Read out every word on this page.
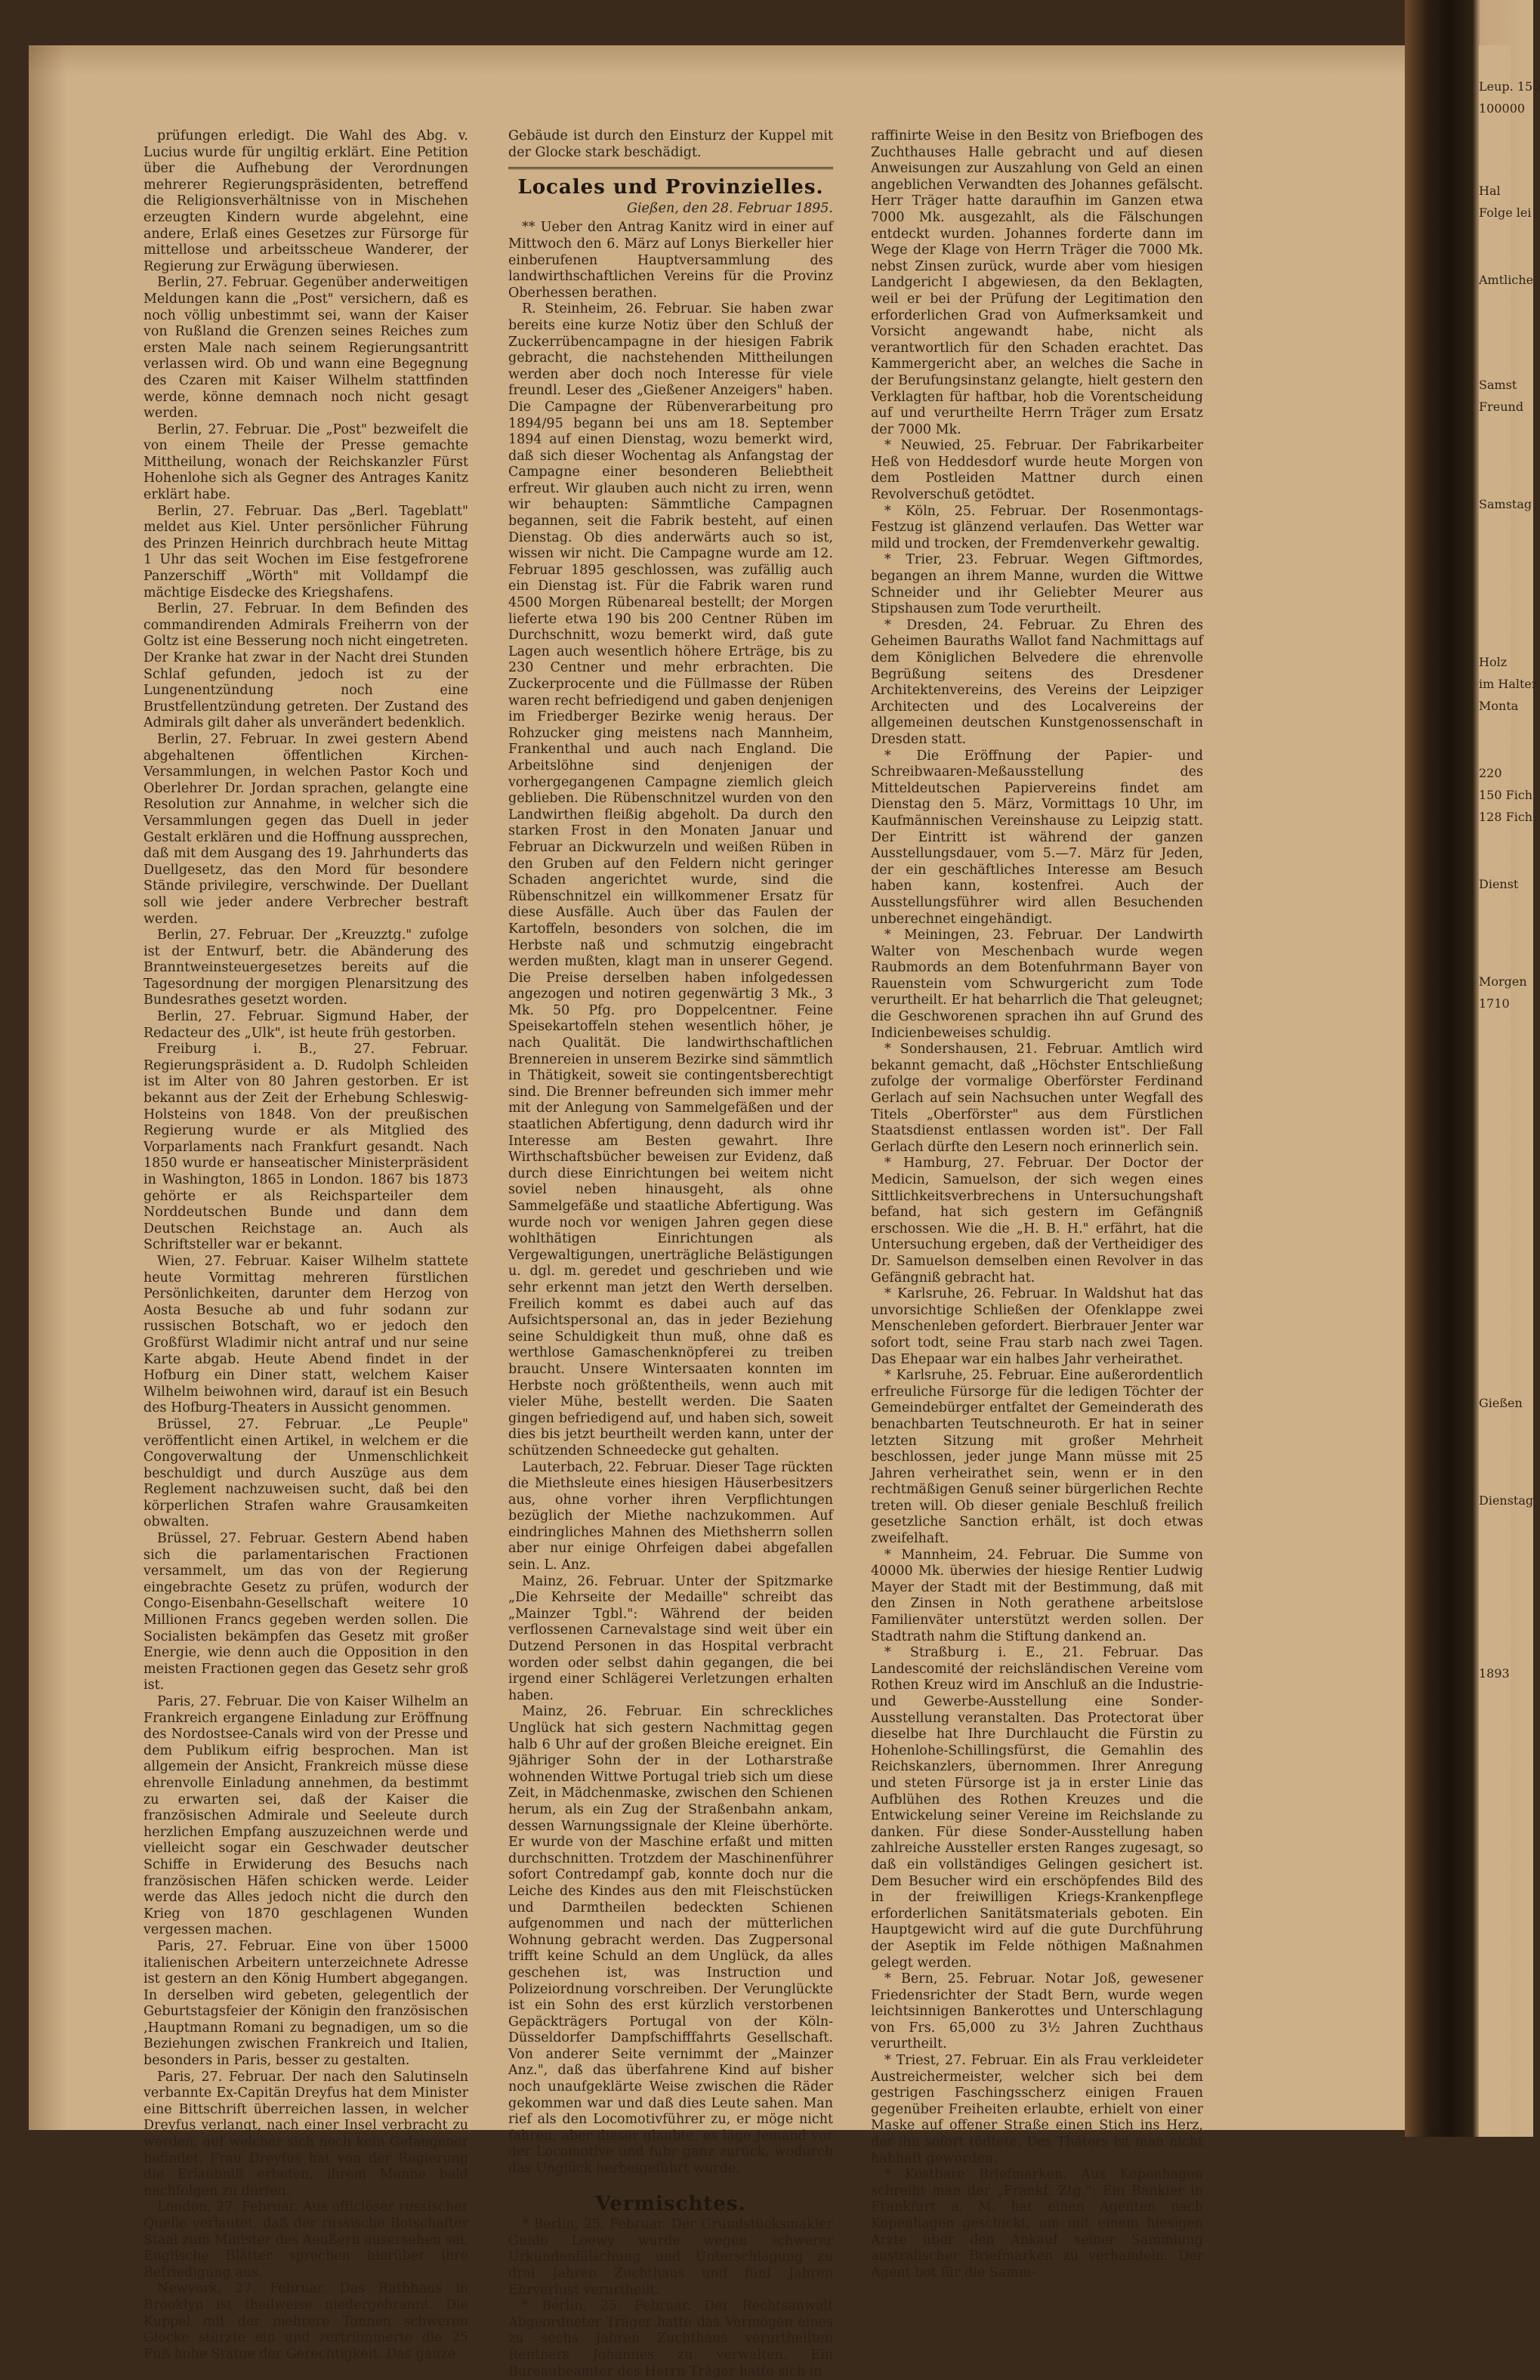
prüfungen erledigt. Die Wahl des Abg. v. Lucius wurde für ungiltig erklärt. Eine Petition über die Aufhebung der Verordnungen mehrerer Regierungspräsidenten, betreffend die Religionsverhältnisse von in Mischehen erzeugten Kindern wurde abgelehnt, eine andere, Erlaß eines Gesetzes zur Fürsorge für mittellose und arbeitsscheue Wanderer, der Regierung zur Erwägung überwiesen.

Berlin, 27. Februar. Gegenüber anderweitigen Meldungen kann die „Post" versichern, daß es noch völlig unbestimmt sei, wann der Kaiser von Rußland die Grenzen seines Reiches zum ersten Male nach seinem Regierungsantritt verlassen wird. Ob und wann eine Begegnung des Czaren mit Kaiser Wilhelm stattfinden werde, könne demnach noch nicht gesagt werden.

Berlin, 27. Februar. Die „Post" bezweifelt die von einem Theile der Presse gemachte Mittheilung, wonach der Reichskanzler Fürst Hohenlohe sich als Gegner des Antrages Kanitz erklärt habe.

Berlin, 27. Februar. Das „Berl. Tageblatt" meldet aus Kiel. Unter persönlicher Führung des Prinzen Heinrich durchbrach heute Mittag 1 Uhr das seit Wochen im Eise festgefrorene Panzerschiff „Wörth" mit Volldampf die mächtige Eisdecke des Kriegshafens.

Berlin, 27. Februar. In dem Befinden des commandirenden Admirals Freiherrn von der Goltz ist eine Besserung noch nicht eingetreten. Der Kranke hat zwar in der Nacht drei Stunden Schlaf gefunden, jedoch ist zu der Lungenentzündung noch eine Brustfellentzündung getreten. Der Zustand des Admirals gilt daher als unverändert bedenklich.

Berlin, 27. Februar. In zwei gestern Abend abgehaltenen öffentlichen Kirchen-Versammlungen, in welchen Pastor Koch und Oberlehrer Dr. Jordan sprachen, gelangte eine Resolution zur Annahme, in welcher sich die Versammlungen gegen das Duell in jeder Gestalt erklären und die Hoffnung aussprechen, daß mit dem Ausgang des 19. Jahrhunderts das Duellgesetz, das den Mord für besondere Stände privilegire, verschwinde. Der Duellant soll wie jeder andere Verbrecher bestraft werden.

Berlin, 27. Februar. Der „Kreuzztg." zufolge ist der Entwurf, betr. die Abänderung des Branntweinsteuergesetzes bereits auf die Tagesordnung der morgigen Plenarsitzung des Bundesrathes gesetzt worden.

Berlin, 27. Februar. Sigmund Haber, der Redacteur des „Ulk", ist heute früh gestorben.

Freiburg i. B., 27. Februar. Regierungspräsident a. D. Rudolph Schleiden ist im Alter von 80 Jahren gestorben. Er ist bekannt aus der Zeit der Erhebung Schleswig-Holsteins von 1848. Von der preußischen Regierung wurde er als Mitglied des Vorparlaments nach Frankfurt gesandt. Nach 1850 wurde er hanseatischer Ministerpräsident in Washington, 1865 in London. 1867 bis 1873 gehörte er als Reichsparteiler dem Norddeutschen Bunde und dann dem Deutschen Reichstage an. Auch als Schriftsteller war er bekannt.

Wien, 27. Februar. Kaiser Wilhelm stattete heute Vormittag mehreren fürstlichen Persönlichkeiten, darunter dem Herzog von Aosta Besuche ab und fuhr sodann zur russischen Botschaft, wo er jedoch den Großfürst Wladimir nicht antraf und nur seine Karte abgab. Heute Abend findet in der Hofburg ein Diner statt, welchem Kaiser Wilhelm beiwohnen wird, darauf ist ein Besuch des Hofburg-Theaters in Aussicht genommen.

Brüssel, 27. Februar. „Le Peuple" veröffentlicht einen Artikel, in welchem er die Congoverwaltung der Unmenschlichkeit beschuldigt und durch Auszüge aus dem Reglement nachzuweisen sucht, daß bei den körperlichen Strafen wahre Grausamkeiten obwalten.

Brüssel, 27. Februar. Gestern Abend haben sich die parlamentarischen Fractionen versammelt, um das von der Regierung eingebrachte Gesetz zu prüfen, wodurch der Congo-Eisenbahn-Gesellschaft weitere 10 Millionen Francs gegeben werden sollen. Die Socialisten bekämpfen das Gesetz mit großer Energie, wie denn auch die Opposition in den meisten Fractionen gegen das Gesetz sehr groß ist.

Paris, 27. Februar. Die von Kaiser Wilhelm an Frankreich ergangene Einladung zur Eröffnung des Nordostsee-Canals wird von der Presse und dem Publikum eifrig besprochen. Man ist allgemein der Ansicht, Frankreich müsse diese ehrenvolle Einladung annehmen, da bestimmt zu erwarten sei, daß der Kaiser die französischen Admirale und Seeleute durch herzlichen Empfang auszuzeichnen werde und vielleicht sogar ein Geschwader deutscher Schiffe in Erwiderung des Besuchs nach französischen Häfen schicken werde. Leider werde das Alles jedoch nicht die durch den Krieg von 1870 geschlagenen Wunden vergessen machen.

Paris, 27. Februar. Eine von über 15000 italienischen Arbeitern unterzeichnete Adresse ist gestern an den König Humbert abgegangen. In derselben wird gebeten, gelegentlich der Geburtstagsfeier der Königin den französischen ‚Hauptmann Romani zu begnadigen, um so die Beziehungen zwischen Frankreich und Italien, besonders in Paris, besser zu gestalten.

Paris, 27. Februar. Der nach den Salutinseln verbannte Ex-Capitän Dreyfus hat dem Minister eine Bittschrift überreichen lassen, in welcher Dreyfus verlangt, nach einer Insel verbracht zu werden, auf welcher sich noch kein Gefangener befindet. Frau Dreyfus hat von der Regierung die Erlaubniß erbeten, ihrem Manne bald nachfolgen zu dürfen.

London, 27. Februar. Aus officiöser russischer Quelle verlautet, daß der russische Botschafter Staal zum Minister des Aeußern ausersehen sei. Englische Blätter sprechen hierüber ihre Befriedigung aus.

Newyork, 27. Februar. Das Rathhaus in Brooklyn ist theilweise niedergebrannt. Die Kuppel mit der mehrere Tonnen schweren Glocke stürzte ein und zertrümmerte die 25 Fuß hohe Statue der Gerechtigkeit. Das ganze

Gebäude ist durch den Einsturz der Kuppel mit der Glocke stark beschädigt.

Locales und Provinzielles.
Gießen, den 28. Februar 1895.

** Ueber den Antrag Kanitz wird in einer auf Mittwoch den 6. März auf Lonys Bierkeller hier einberufenen Hauptversammlung des landwirthschaftlichen Vereins für die Provinz Oberhessen berathen.

R. Steinheim, 26. Februar. Sie haben zwar bereits eine kurze Notiz über den Schluß der Zuckerrübencampagne in der hiesigen Fabrik gebracht, die nachstehenden Mittheilungen werden aber doch noch Interesse für viele freundl. Leser des „Gießener Anzeigers" haben. Die Campagne der Rübenverarbeitung pro 1894/95 begann bei uns am 18. September 1894 auf einen Dienstag, wozu bemerkt wird, daß sich dieser Wochentag als Anfangstag der Campagne einer besonderen Beliebtheit erfreut. Wir glauben auch nicht zu irren, wenn wir behaupten: Sämmtliche Campagnen begannen, seit die Fabrik besteht, auf einen Dienstag. Ob dies anderwärts auch so ist, wissen wir nicht. Die Campagne wurde am 12. Februar 1895 geschlossen, was zufällig auch ein Dienstag ist. Für die Fabrik waren rund 4500 Morgen Rübenareal bestellt; der Morgen lieferte etwa 190 bis 200 Centner Rüben im Durchschnitt, wozu bemerkt wird, daß gute Lagen auch wesentlich höhere Erträge, bis zu 230 Centner und mehr erbrachten. Die Zuckerprocente und die Füllmasse der Rüben waren recht befriedigend und gaben denjenigen im Friedberger Bezirke wenig heraus. Der Rohzucker ging meistens nach Mannheim, Frankenthal und auch nach England. Die Arbeitslöhne sind denjenigen der vorhergegangenen Campagne ziemlich gleich geblieben. Die Rübenschnitzel wurden von den Landwirthen fleißig abgeholt. Da durch den starken Frost in den Monaten Januar und Februar an Dickwurzeln und weißen Rüben in den Gruben auf den Feldern nicht geringer Schaden angerichtet wurde, sind die Rübenschnitzel ein willkommener Ersatz für diese Ausfälle. Auch über das Faulen der Kartoffeln, besonders von solchen, die im Herbste naß und schmutzig eingebracht werden mußten, klagt man in unserer Gegend. Die Preise derselben haben infolgedessen angezogen und notiren gegenwärtig 3 Mk., 3 Mk. 50 Pfg. pro Doppelcentner. Feine Speisekartoffeln stehen wesentlich höher, je nach Qualität. Die landwirthschaftlichen Brennereien in unserem Bezirke sind sämmtlich in Thätigkeit, soweit sie contingentsberechtigt sind. Die Brenner befreunden sich immer mehr mit der Anlegung von Sammelgefäßen und der staatlichen Abfertigung, denn dadurch wird ihr Interesse am Besten gewahrt. Ihre Wirthschaftsbücher beweisen zur Evidenz, daß durch diese Einrichtungen bei weitem nicht soviel neben hinausgeht, als ohne Sammelgefäße und staatliche Abfertigung. Was wurde noch vor wenigen Jahren gegen diese wohlthätigen Einrichtungen als Vergewaltigungen, unerträgliche Belästigungen u. dgl. m. geredet und geschrieben und wie sehr erkennt man jetzt den Werth derselben. Freilich kommt es dabei auch auf das Aufsichtspersonal an, das in jeder Beziehung seine Schuldigkeit thun muß, ohne daß es werthlose Gamaschenknöpferei zu treiben braucht. Unsere Wintersaaten konnten im Herbste noch größtentheils, wenn auch mit vieler Mühe, bestellt werden. Die Saaten gingen befriedigend auf, und haben sich, soweit dies bis jetzt beurtheilt werden kann, unter der schützenden Schneedecke gut gehalten.

Lauterbach, 22. Februar. Dieser Tage rückten die Miethsleute eines hiesigen Häuserbesitzers aus, ohne vorher ihren Verpflichtungen bezüglich der Miethe nachzukommen. Auf eindringliches Mahnen des Miethsherrn sollen aber nur einige Ohrfeigen dabei abgefallen sein. L. Anz.

Mainz, 26. Februar. Unter der Spitzmarke „Die Kehrseite der Medaille" schreibt das „Mainzer Tgbl.": Während der beiden verflossenen Carnevalstage sind weit über ein Dutzend Personen in das Hospital verbracht worden oder selbst dahin gegangen, die bei irgend einer Schlägerei Verletzungen erhalten haben.

Mainz, 26. Februar. Ein schreckliches Unglück hat sich gestern Nachmittag gegen halb 6 Uhr auf der großen Bleiche ereignet. Ein 9jähriger Sohn der in der Lotharstraße wohnenden Wittwe Portugal trieb sich um diese Zeit, in Mädchenmaske, zwischen den Schienen herum, als ein Zug der Straßenbahn ankam, dessen Warnungssignale der Kleine überhörte. Er wurde von der Maschine erfaßt und mitten durchschnitten. Trotzdem der Maschinenführer sofort Contredampf gab, konnte doch nur die Leiche des Kindes aus den mit Fleischstücken und Darmtheilen bedeckten Schienen aufgenommen und nach der mütterlichen Wohnung gebracht werden. Das Zugpersonal trifft keine Schuld an dem Unglück, da alles geschehen ist, was Instruction und Polizeiordnung vorschreiben. Der Verunglückte ist ein Sohn des erst kürzlich verstorbenen Gepäckträgers Portugal von der Köln-Düsseldorfer Dampfschifffahrts Gesellschaft. Von anderer Seite vernimmt der „Mainzer Anz.", daß das überfahrene Kind auf bisher noch unaufgeklärte Weise zwischen die Räder gekommen war und daß dies Leute sahen. Man rief als den Locomotivführer zu, er möge nicht fahren; aber dieser glaubte, es läge Jemand vor der Locomotive und fuhr ganz zurück, wodurch das Unglück herbeigeführt wurde.

Vermischtes.

* Berlin, 25. Februar. Der Grundstücksmakler Guido Loewy wurde wegen schwerer Urkundenfälschung und Unterschlagung zu drei Jahren Zuchthaus und fünf Jahren Ehrverlust verurtheilt.

* Berlin, 25. Februar. Der Rechtsanwalt Abgeordneter Träger hatte das Vermögen eines zu sechs Jahren Zuchthaus verurtheilten Rentners Johannes zu verwalten. Ein Bureaubeamter des Herrn Träger hatte sich in

raffinirte Weise in den Besitz von Briefbogen des Zuchthauses Halle gebracht und auf diesen Anweisungen zur Auszahlung von Geld an einen angeblichen Verwandten des Johannes gefälscht. Herr Träger hatte daraufhin im Ganzen etwa 7000 Mk. ausgezahlt, als die Fälschungen entdeckt wurden. Johannes forderte dann im Wege der Klage von Herrn Träger die 7000 Mk. nebst Zinsen zurück, wurde aber vom hiesigen Landgericht I abgewiesen, da den Beklagten, weil er bei der Prüfung der Legitimation den erforderlichen Grad von Aufmerksamkeit und Vorsicht angewandt habe, nicht als verantwortlich für den Schaden erachtet. Das Kammergericht aber, an welches die Sache in der Berufungsinstanz gelangte, hielt gestern den Verklagten für haftbar, hob die Vorentscheidung auf und verurtheilte Herrn Träger zum Ersatz der 7000 Mk.

* Neuwied, 25. Februar. Der Fabrikarbeiter Heß von Heddesdorf wurde heute Morgen von dem Postleiden Mattner durch einen Revolverschuß getödtet.

* Köln, 25. Februar. Der Rosenmontags-Festzug ist glänzend verlaufen. Das Wetter war mild und trocken, der Fremdenverkehr gewaltig.

* Trier, 23. Februar. Wegen Giftmordes, begangen an ihrem Manne, wurden die Wittwe Schneider und ihr Geliebter Meurer aus Stipshausen zum Tode verurtheilt.

* Dresden, 24. Februar. Zu Ehren des Geheimen Bauraths Wallot fand Nachmittags auf dem Königlichen Belvedere die ehrenvolle Begrüßung seitens des Dresdener Architektenvereins, des Vereins der Leipziger Architecten und des Localvereins der allgemeinen deutschen Kunstgenossenschaft in Dresden statt.

* Die Eröffnung der Papier- und Schreibwaaren-Meßausstellung des Mitteldeutschen Papiervereins findet am Dienstag den 5. März, Vormittags 10 Uhr, im Kaufmännischen Vereinshause zu Leipzig statt. Der Eintritt ist während der ganzen Ausstellungsdauer, vom 5.—7. März für Jeden, der ein geschäftliches Interesse am Besuch haben kann, kostenfrei. Auch der Ausstellungsführer wird allen Besuchenden unberechnet eingehändigt.

* Meiningen, 23. Februar. Der Landwirth Walter von Meschenbach wurde wegen Raubmords an dem Botenfuhrmann Bayer von Rauenstein vom Schwurgericht zum Tode verurtheilt. Er hat beharrlich die That geleugnet; die Geschworenen sprachen ihn auf Grund des Indicienbeweises schuldig.

* Sondershausen, 21. Februar. Amtlich wird bekannt gemacht, daß „Höchster Entschließung zufolge der vormalige Oberförster Ferdinand Gerlach auf sein Nachsuchen unter Wegfall des Titels „Oberförster" aus dem Fürstlichen Staatsdienst entlassen worden ist". Der Fall Gerlach dürfte den Lesern noch erinnerlich sein.

* Hamburg, 27. Februar. Der Doctor der Medicin, Samuelson, der sich wegen eines Sittlichkeitsverbrechens in Untersuchungshaft befand, hat sich gestern im Gefängniß erschossen. Wie die „H. B. H." erfährt, hat die Untersuchung ergeben, daß der Vertheidiger des Dr. Samuelson demselben einen Revolver in das Gefängniß gebracht hat.

* Karlsruhe, 26. Februar. In Waldshut hat das unvorsichtige Schließen der Ofenklappe zwei Menschenleben gefordert. Bierbrauer Jenter war sofort todt, seine Frau starb nach zwei Tagen. Das Ehepaar war ein halbes Jahr verheirathet.

* Karlsruhe, 25. Februar. Eine außerordentlich erfreuliche Fürsorge für die ledigen Töchter der Gemeindebürger entfaltet der Gemeinderath des benachbarten Teutschneuroth. Er hat in seiner letzten Sitzung mit großer Mehrheit beschlossen, jeder junge Mann müsse mit 25 Jahren verheirathet sein, wenn er in den rechtmäßigen Genuß seiner bürgerlichen Rechte treten will. Ob dieser geniale Beschluß freilich gesetzliche Sanction erhält, ist doch etwas zweifelhaft.

* Mannheim, 24. Februar. Die Summe von 40000 Mk. überwies der hiesige Rentier Ludwig Mayer der Stadt mit der Bestimmung, daß mit den Zinsen in Noth gerathene arbeitslose Familienväter unterstützt werden sollen. Der Stadtrath nahm die Stiftung dankend an.

* Straßburg i. E., 21. Februar. Das Landescomité der reichsländischen Vereine vom Rothen Kreuz wird im Anschluß an die Industrie- und Gewerbe-Ausstellung eine Sonder-Ausstellung veranstalten. Das Protectorat über dieselbe hat Ihre Durchlaucht die Fürstin zu Hohenlohe-Schillingsfürst, die Gemahlin des Reichskanzlers, übernommen. Ihrer Anregung und steten Fürsorge ist ja in erster Linie das Aufblühen des Rothen Kreuzes und die Entwickelung seiner Vereine im Reichslande zu danken. Für diese Sonder-Ausstellung haben zahlreiche Aussteller ersten Ranges zugesagt, so daß ein vollständiges Gelingen gesichert ist. Dem Besucher wird ein erschöpfendes Bild des in der freiwilligen Kriegs-Krankenpflege erforderlichen Sanitätsmaterials geboten. Ein Hauptgewicht wird auf die gute Durchführung der Aseptik im Felde nöthigen Maßnahmen gelegt werden.

* Bern, 25. Februar. Notar Joß, gewesener Friedensrichter der Stadt Bern, wurde wegen leichtsinnigen Bankerottes und Unterschlagung von Frs. 65,000 zu 3½ Jahren Zuchthaus verurtheilt.

* Triest, 27. Februar. Ein als Frau verkleideter Austreichermeister, welcher sich bei dem gestrigen Faschingsscherz einigen Frauen gegenüber Freiheiten erlaubte, erhielt von einer Maske auf offener Straße einen Stich ins Herz, der ihn sofort tödtete. Des Thäters ist man nicht habhaft geworden.

* Kostbare Briefmarken. Aus Kopenhagen schreibt man der „Frankf. Ztg.": Ein Bankier in Frankfurt a. M. hat einen Agenten nach Kopenhagen geschickt, um mit einem hiesigen Arzte über den Ankauf seiner Sammlung australischer Briefmarken zu verhandeln. Der Agent bot für die Samm-

Leup. 150
100000
Hal
Folge lei
Amtliche
Samst
Freund
Samstag
Holz
im Halter
Monta
220
150 Fich
128 Fich
Dienst
Morgen
1710
Gießen
Dienstag
1893
